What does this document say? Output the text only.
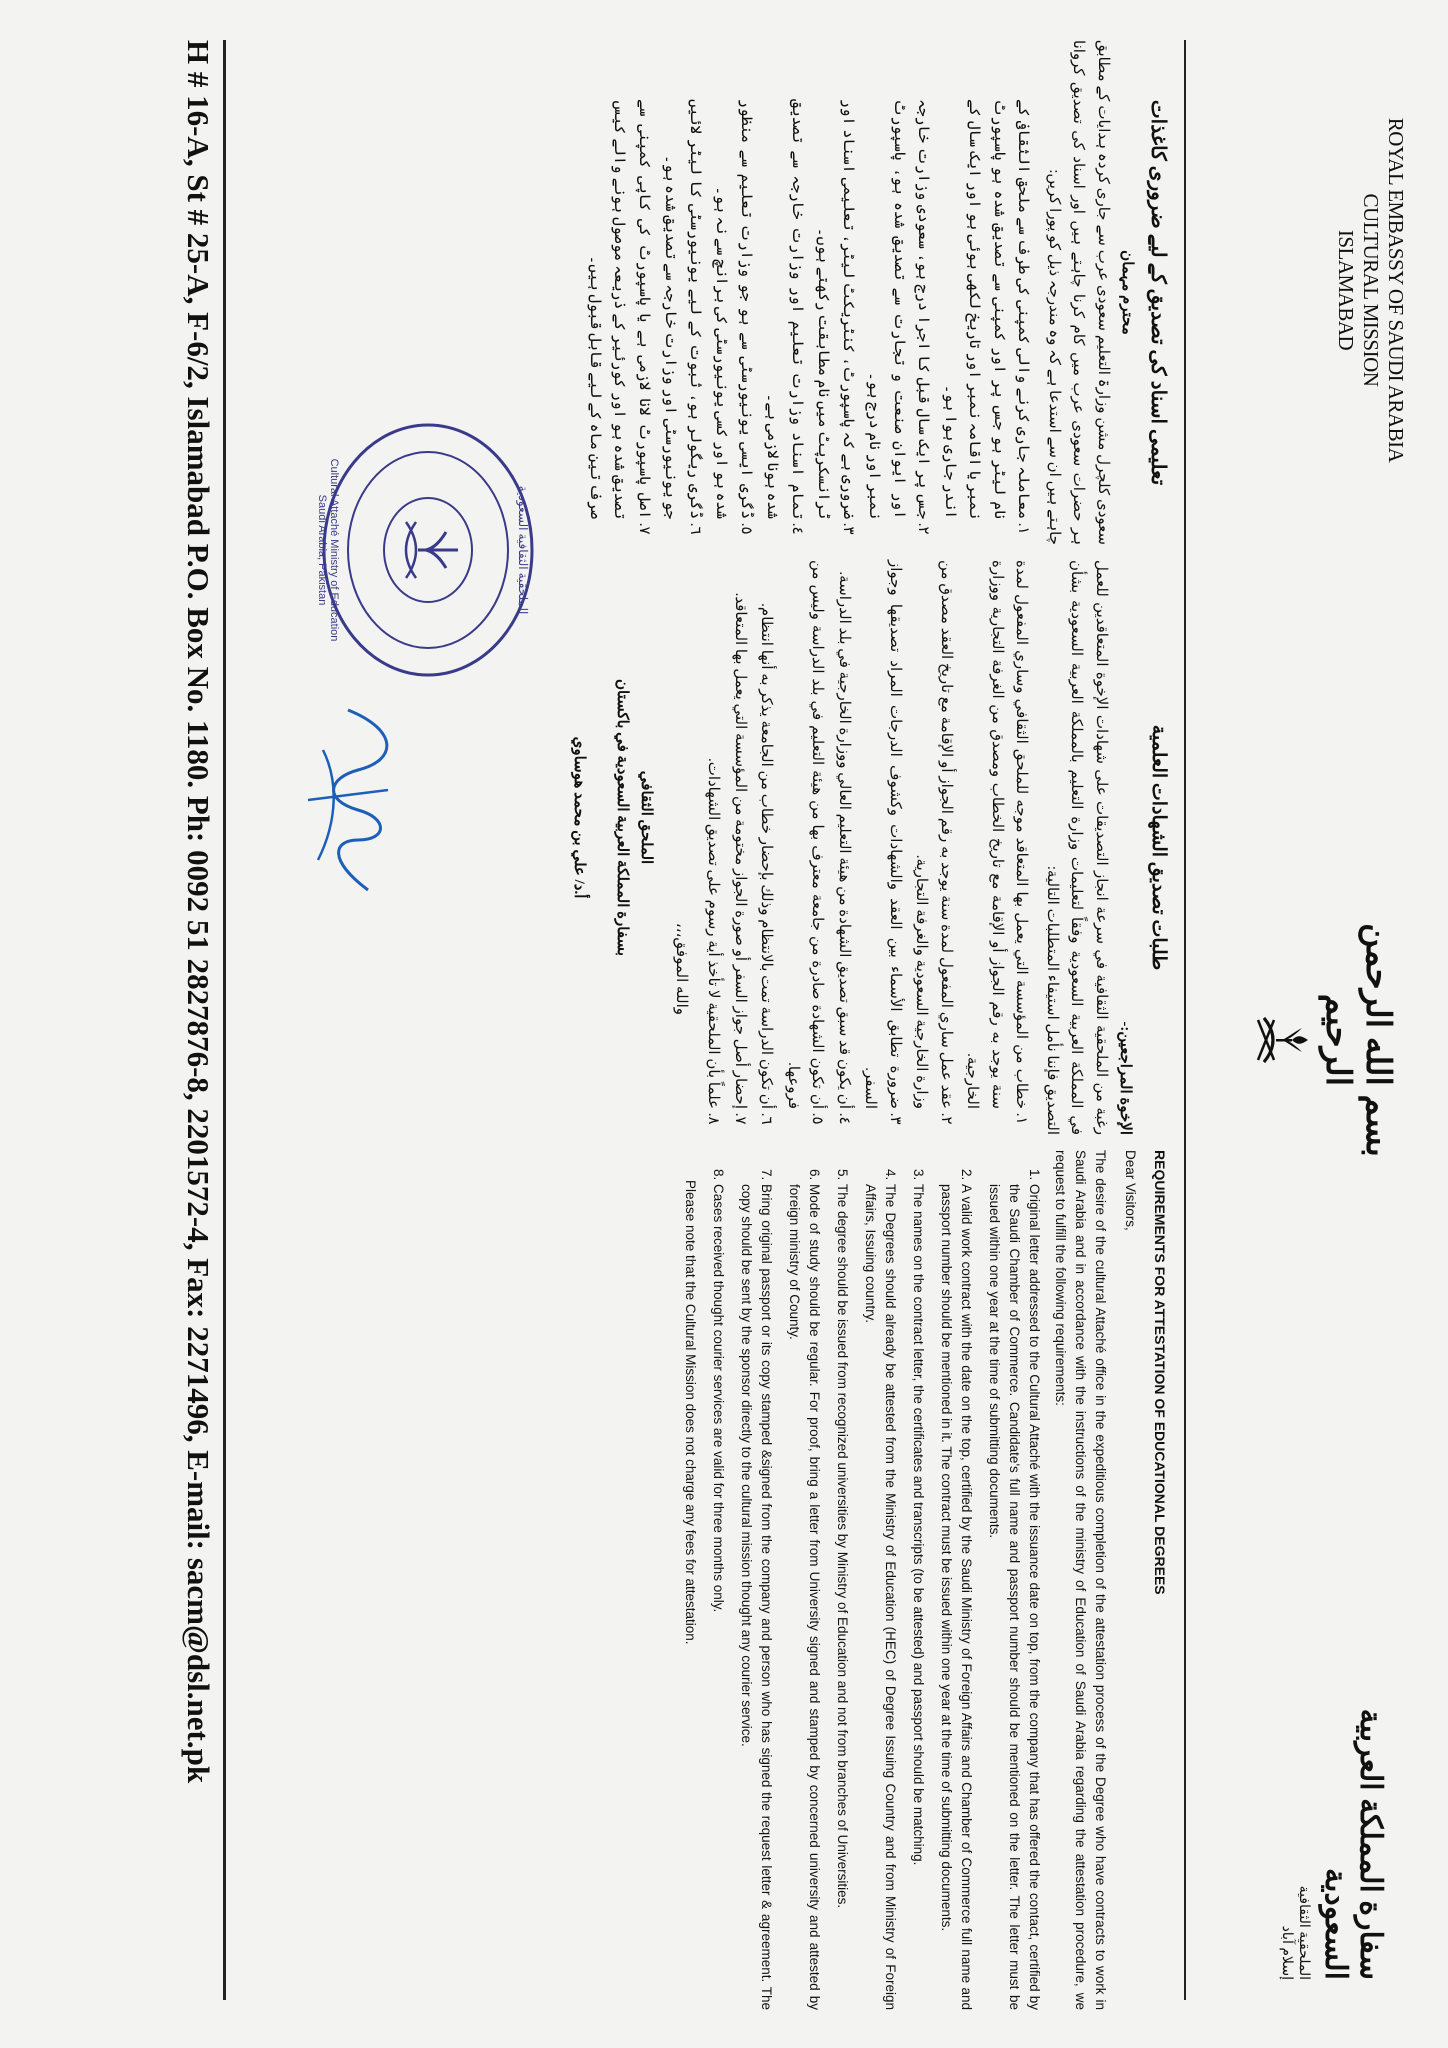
بسم الله الرحمن الرحيم
سفارة المملكة العربية السعودية
الملحقية الثقافية
إسلام آباد
ROYAL EMBASSY OF SAUDI ARABIA
CULTURAL MISSION
ISLAMABAD
REQUIREMENTS FOR ATTESTATION OF EDUCATIONAL DEGREES
Dear Visitors,

The desire of the cultural Attaché office in the expeditious completion of the attestation process of the Degree who have contracts to work in Saudi Arabia and in accordance with the instructions of the ministry of Education of Saudi Arabia regarding the attestation procedure, we request to fulfill the following requirements:

1. Original letter addressed to the Cultural Attaché with the issuance date on top, from the company that has offered the contact, certified by the Saudi Chamber of Commerce. Candidate's full name and passport number should be mentioned on the letter. The letter must be issued within one year at the time of submitting documents.
2. A valid work contract with the date on the top, certified by the Saudi Ministry of Foreign Affairs and Chamber of Commerce full name and passport number should be mentioned in it. The contract must be issued within one year at the time of submitting documents.
3. The names on the contract letter, the certificates and transcripts (to be attested) and passport should be matching.
4. The Degrees should already be attested from the Ministry of Education (HEC) of Degree Issuing Country and from Ministry of Foreign Affairs, Issuing country.
5. The degree should be issued from recognized universities by Ministry of Education and not from branches of Universities.
6. Mode of study should be regular. For proof, bring a letter from University signed and stamped by concerned university and attested by foreign ministry of County.
7. Bring original passport or its copy stamped &signed from the company and person who has signed the request letter & agreement. The copy should be sent by the sponsor directly to the cultural mission thought any courier service.
8. Cases received thought courier services are valid for three months only.
Please note that the Cultural Mission does not charge any fees for attestation.
طلبات تصديق الشهادات العلمية
الإخوة المراجعين:-

رغبة من الملحقية الثقافية في سرعة انجاز التصديقات على شهادات الإخوة المتعاقدين للعمل في المملكة العربية السعودية وفقاً لتعليمات وزارة التعليم بالمملكة العربية السعودية بشأن التصديق فإننا نأمل استيفاء المتطلبات التالية:

1. خطاب من المؤسسة التي يعمل بها المتعاقد موجه للملحق الثقافي وساري المفعول لمدة سنة يوجد به رقم الجواز أو الإقامة مع تاريخ الخطاب ومصدق من الغرفة التجارية ووزارة الخارجية.
2. عقد عمل ساري المفعول لمدة سنة يوجد به رقم الجواز أو الإقامة مع تاريخ العقد مصدق من وزارة الخارجية السعودية والغرفة التجارية.
3. ضرورة تطابق الأسماء بين العقد والشهادات وكشوف الدرجات المراد تصديقها وجواز السفر.
4. أن يكون قد سبق تصديق الشهادة من هيئة التعليم العالي ووزارة الخارجية في بلد الدراسة.
5. أن تكون الشهادة صادرة من جامعة معترف بها من هيئة التعليم في بلد الدراسة وليس من فروعها.
6. أن تكون الدراسة تمت بالانتظام وذلك بإحضار خطاب من الجامعة يذكر به أنها انتظام.
7. إحضار أصل جواز السفر أو صورة الجواز مختومة من المؤسسة التي يعمل بها المتعاقد.
8. علماً بأن الملحقية لا تأخذ أية رسوم على تصديق الشهادات.
والله الموفق،،،
الملحق الثقافي
بسفارة المملكة العربية السعودية في باكستان
أ.د/ علي بن محمد هوساوي
Cultural Attaché Ministry of Education Saudi Arabia, Pakistan	الملحقية الثقافية السعودية
تعلیمی اسناد کی تصدیق کے لیے ضروری کاغذات
محترم مہمان

سعودی کلچرل مشن وزارۃ التعلیم سعودی عرب سے جاری کردہ ہدایات کے مطابق ہر حضرات سعودی عرب میں کام کرنا چاہتے ہیں اور اسناد کی تصدیق کروانا چاہتے ہیں ان سے استدعا ہے کہ وہ مندرجہ ذیل کو پورا کریں:

1. معاملہ جاری کرنے والی کمپنی کی طرف سے ملحق الثقافی کے نام لیٹر ہو جس پر اور کمپنی سے تصدیق شدہ ہو پاسپورٹ نمبر یا اقامہ نمبر اور تاریخ لکھی ہوئی ہو اور ایک سال کے اندر جاری ہوا ہو۔
2. جس پر ایک سال قبل کا اجرا درج ہو، سعودی وزارت خارجہ اور ایوان صنعت و تجارت سے تصدیق شدہ ہو، پاسپورٹ نمبر اور نام درج ہو۔
3. ضروری ہے کہ پاسپورٹ، کنٹریکٹ لیٹر، تعلیمی اسناد اور ٹرانسکرپٹ میں نام مطابقت رکھتے ہوں۔
4. تمام اسناد وزارت تعلیم اور وزارت خارجہ سے تصدیق شدہ ہونا لازمی ہے۔
5. ڈگری ایسی یونیورسٹی سے ہو جو وزارت تعلیم سے منظور شدہ ہو اور کسی یونیورسٹی کی برانچ سے نہ ہو۔
6. ڈگری ریگولر ہو، ثبوت کے لیے یونیورسٹی کا لیٹر لائیں جو یونیورسٹی اور وزارت خارجہ سے تصدیق شدہ ہو۔
7. اصل پاسپورٹ لانا لازمی ہے یا پاسپورٹ کی کاپی کمپنی سے تصدیق شدہ ہو اور کورئیر کے ذریعہ موصول ہونے والے کیس صرف تین ماہ کے لیے قابل قبول ہیں۔
H # 16-A, St # 25-A, F-6/2, Islamabad P.O. Box No. 1180. Ph: 0092 51 2827876-8, 2201572-4, Fax: 2271496, E-mail: sacm@dsl.net.pk
